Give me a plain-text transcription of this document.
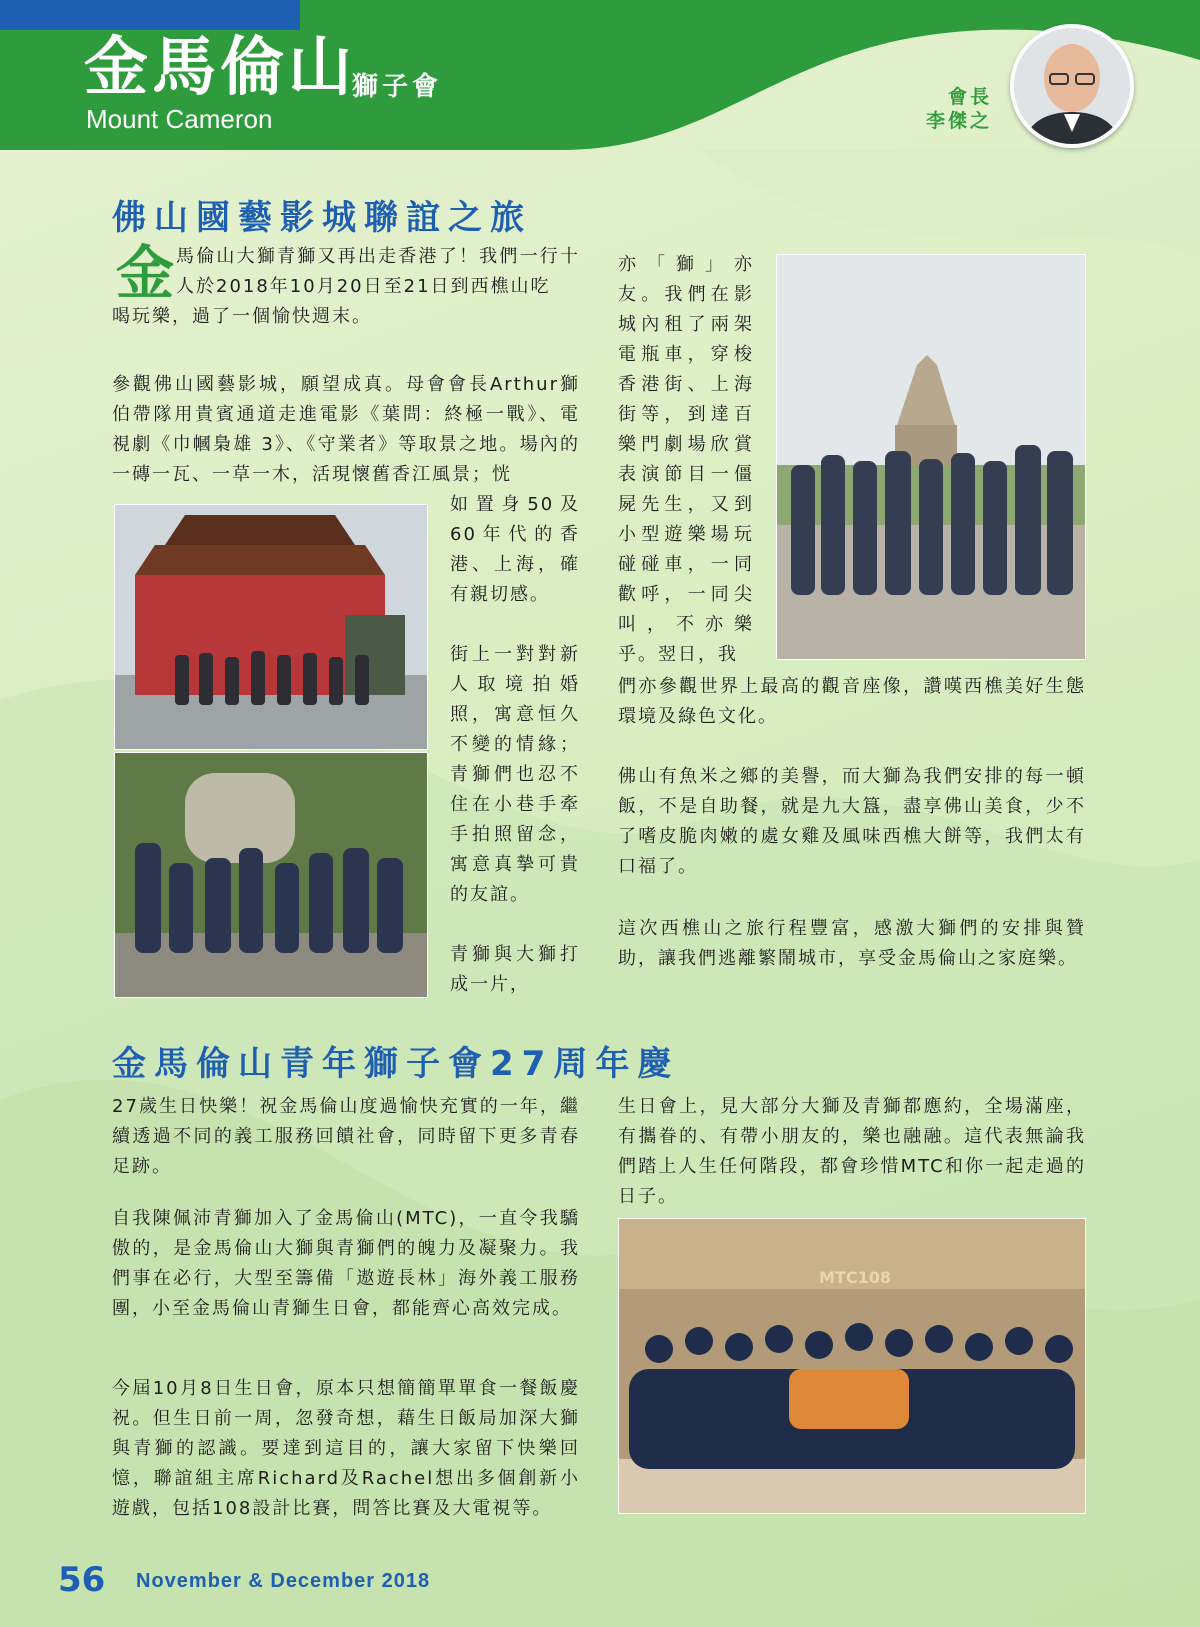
金馬倫山
獅子會
Mount Cameron
會長
李傑之
佛山國藝影城聯誼之旅
金 馬倫山大獅青獅又再出走香港了！我們一行十人於2018年10月20日至21日到西樵山吃

喝玩樂，過了一個愉快週末。

參觀佛山國藝影城，願望成真。母會會長Arthur獅伯帶隊用貴賓通道走進電影《葉問：終極一戰》、電視劇《巾幗梟雄 3》、《守業者》等取景之地。場內的一磚一瓦、一草一木，活現懷舊香江風景；恍

如置身50及60年代的香港、上海，確有親切感。

街上一對對新人取境拍婚照，寓意恒久不變的情緣；青獅們也忍不住在小巷手牽手拍照留念，寓意真摯可貴的友誼。

青獅與大獅打成一片，

亦「獅」亦友。我們在影城內租了兩架電瓶車，穿梭香港街、上海街等，到達百樂門劇場欣賞表演節目一僵屍先生，又到小型遊樂場玩碰碰車，一同歡呼，一同尖叫，不亦樂乎。翌日，我

們亦參觀世界上最高的觀音座像，讚嘆西樵美好生態環境及綠色文化。

佛山有魚米之鄉的美譽，而大獅為我們安排的每一頓飯，不是自助餐，就是九大簋，盡享佛山美食，少不了嗜皮脆肉嫩的處女雞及風味西樵大餅等，我們太有口福了。

這次西樵山之旅行程豐富，感激大獅們的安排與贊助，讓我們逃離繁鬧城市，享受金馬倫山之家庭樂。

金馬倫山青年獅子會27周年慶

27歲生日快樂！祝金馬倫山度過愉快充實的一年，繼續透過不同的義工服務回饋社會，同時留下更多青春足跡。

自我陳佩沛青獅加入了金馬倫山(MTC)，一直令我驕傲的，是金馬倫山大獅與青獅們的魄力及凝聚力。我們事在必行，大型至籌備「遨遊長林」海外義工服務團，小至金馬倫山青獅生日會，都能齊心高效完成。

今屆10月8日生日會，原本只想簡簡單單食一餐飯慶祝。但生日前一周，忽發奇想，藉生日飯局加深大獅與青獅的認識。要達到這目的，讓大家留下快樂回憶，聯誼組主席Richard及Rachel想出多個創新小遊戲，包括108設計比賽，問答比賽及大電視等。

生日會上，見大部分大獅及青獅都應約，全場滿座，有攜眷的、有帶小朋友的，樂也融融。這代表無論我們踏上人生任何階段，都會珍惜MTC和你一起走過的日子。

MTC108
56 November & December 2018
